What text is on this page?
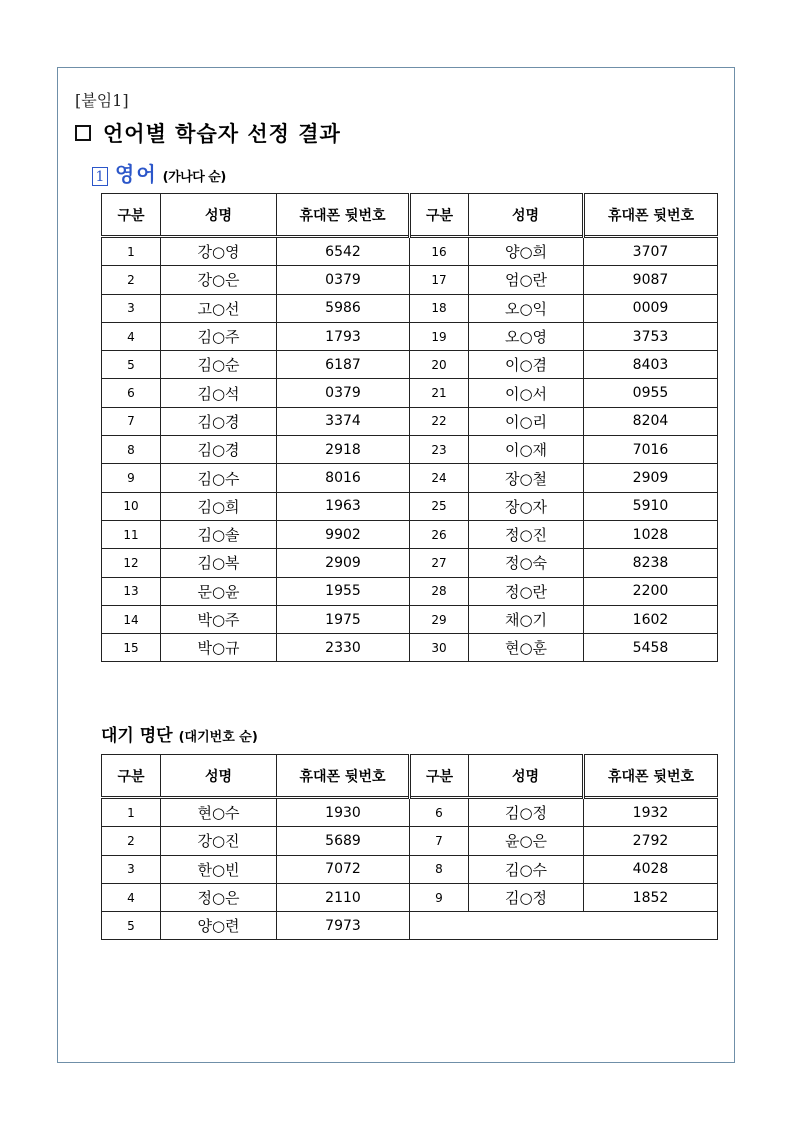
[붙임1]
언어별 학습자 선정 결과
1 영어 (가나다 순)
구분	성명	휴대폰 뒷번호	구분	성명	휴대폰 뒷번호
1	강○영	6542	16	양○희	3707
2	강○은	0379	17	엄○란	9087
3	고○선	5986	18	오○익	0009
4	김○주	1793	19	오○영	3753
5	김○순	6187	20	이○겸	8403
6	김○석	0379	21	이○서	0955
7	김○경	3374	22	이○리	8204
8	김○경	2918	23	이○재	7016
9	김○수	8016	24	장○철	2909
10	김○희	1963	25	장○자	5910
11	김○솔	9902	26	정○진	1028
12	김○복	2909	27	정○숙	8238
13	문○윤	1955	28	정○란	2200
14	박○주	1975	29	채○기	1602
15	박○규	2330	30	현○훈	5458
대기 명단 (대기번호 순)
구분	성명	휴대폰 뒷번호	구분	성명	휴대폰 뒷번호
1	현○수	1930	6	김○정	1932
2	강○진	5689	7	윤○은	2792
3	한○빈	7072	8	김○수	4028
4	정○은	2110	9	김○정	1852
5	양○련	7973			
